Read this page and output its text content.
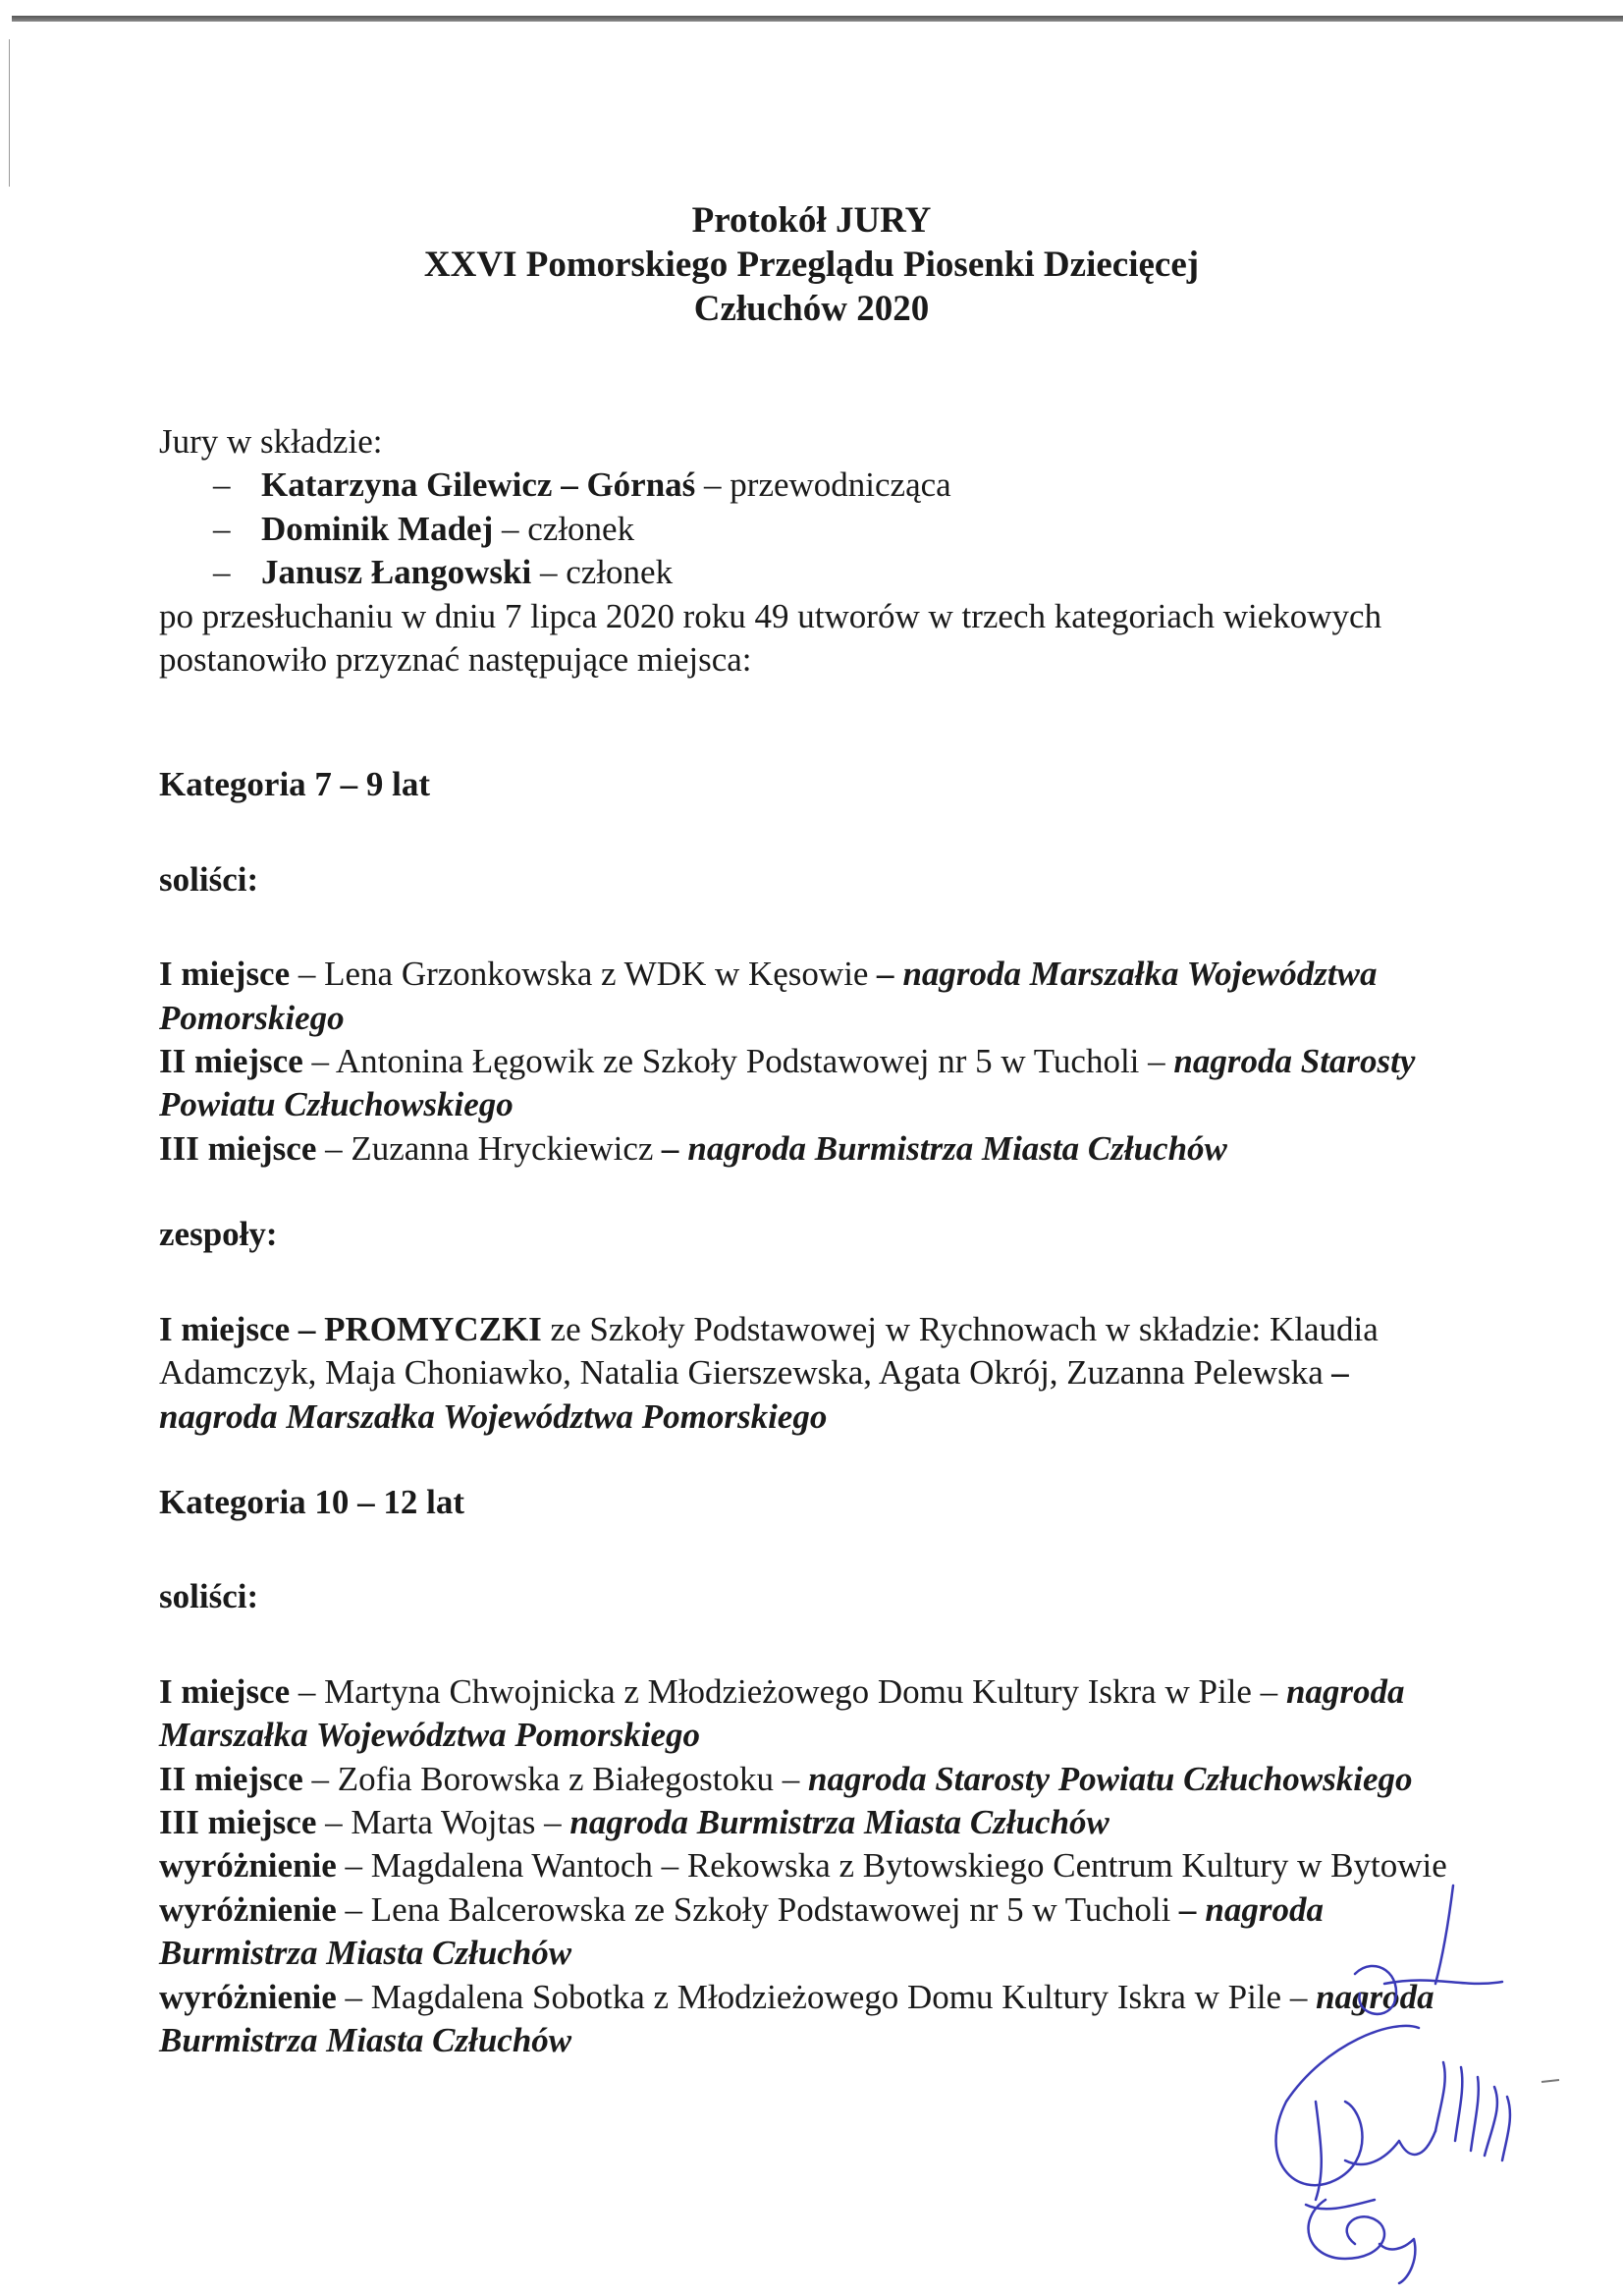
Protokół JURY
XXVI Pomorskiego Przeglądu Piosenki Dziecięcej
Człuchów 2020

Jury w składzie:

– Katarzyna Gilewicz – Górnaś – przewodnicząca
– Dominik Madej – członek
– Janusz Łangowski – członek

po przesłuchaniu w dniu 7 lipca 2020 roku 49 utworów w trzech kategoriach wiekowych postanowiło przyznać następujące miejsca:

Kategoria 7 – 9 lat

soliści:

I miejsce – Lena Grzonkowska z WDK w Kęsowie – nagroda Marszałka Województwa Pomorskiego

II miejsce – Antonina Łęgowik ze Szkoły Podstawowej nr 5 w Tucholi – nagroda Starosty Powiatu Człuchowskiego

III miejsce – Zuzanna Hryckiewicz – nagroda Burmistrza Miasta Człuchów

zespoły:

I miejsce – PROMYCZKI ze Szkoły Podstawowej w Rychnowach w składzie: Klaudia Adamczyk, Maja Choniawko, Natalia Gierszewska, Agata Okrój, Zuzanna Pelewska – nagroda Marszałka Województwa Pomorskiego

Kategoria 10 – 12 lat

soliści:

I miejsce – Martyna Chwojnicka z Młodzieżowego Domu Kultury Iskra w Pile – nagroda Marszałka Województwa Pomorskiego

II miejsce – Zofia Borowska z Białegostoku – nagroda Starosty Powiatu Człuchowskiego

III miejsce – Marta Wojtas – nagroda Burmistrza Miasta Człuchów

wyróżnienie – Magdalena Wantoch – Rekowska z Bytowskiego Centrum Kultury w Bytowie

wyróżnienie – Lena Balcerowska ze Szkoły Podstawowej nr 5 w Tucholi – nagroda Burmistrza Miasta Człuchów

wyróżnienie – Magdalena Sobotka z Młodzieżowego Domu Kultury Iskra w Pile – nagroda Burmistrza Miasta Człuchów
